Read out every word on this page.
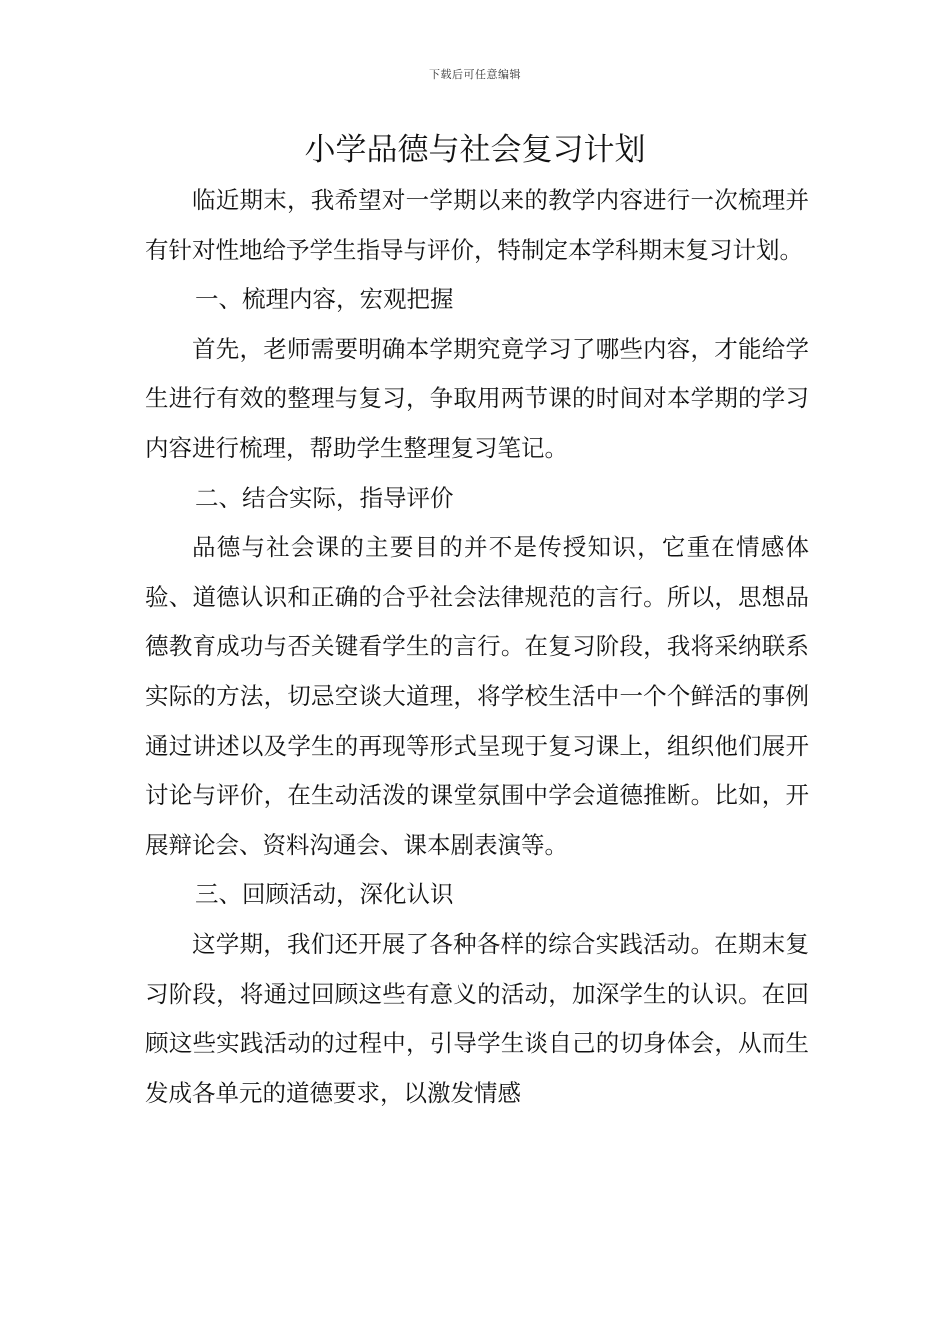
下载后可任意编辑
小学品德与社会复习计划

临近期末，我希望对一学期以来的教学内容进行一次梳理并有针对性地给予学生指导与评价，特制定本学科期末复习计划。

一、梳理内容，宏观把握

首先，老师需要明确本学期究竟学习了哪些内容，才能给学生进行有效的整理与复习，争取用两节课的时间对本学期的学习内容进行梳理，帮助学生整理复习笔记。

二、结合实际，指导评价

品德与社会课的主要目的并不是传授知识，它重在情感体验、道德认识和正确的合乎社会法律规范的言行。所以，思想品德教育成功与否关键看学生的言行。在复习阶段，我将采纳联系实际的方法，切忌空谈大道理，将学校生活中一个个鲜活的事例通过讲述以及学生的再现等形式呈现于复习课上，组织他们展开讨论与评价，在生动活泼的课堂氛围中学会道德推断。比如，开展辩论会、资料沟通会、课本剧表演等。

三、回顾活动，深化认识

这学期，我们还开展了各种各样的综合实践活动。在期末复习阶段，将通过回顾这些有意义的活动，加深学生的认识。在回顾这些实践活动的过程中，引导学生谈自己的切身体会，从而生发成各单元的道德要求，以激发情感
